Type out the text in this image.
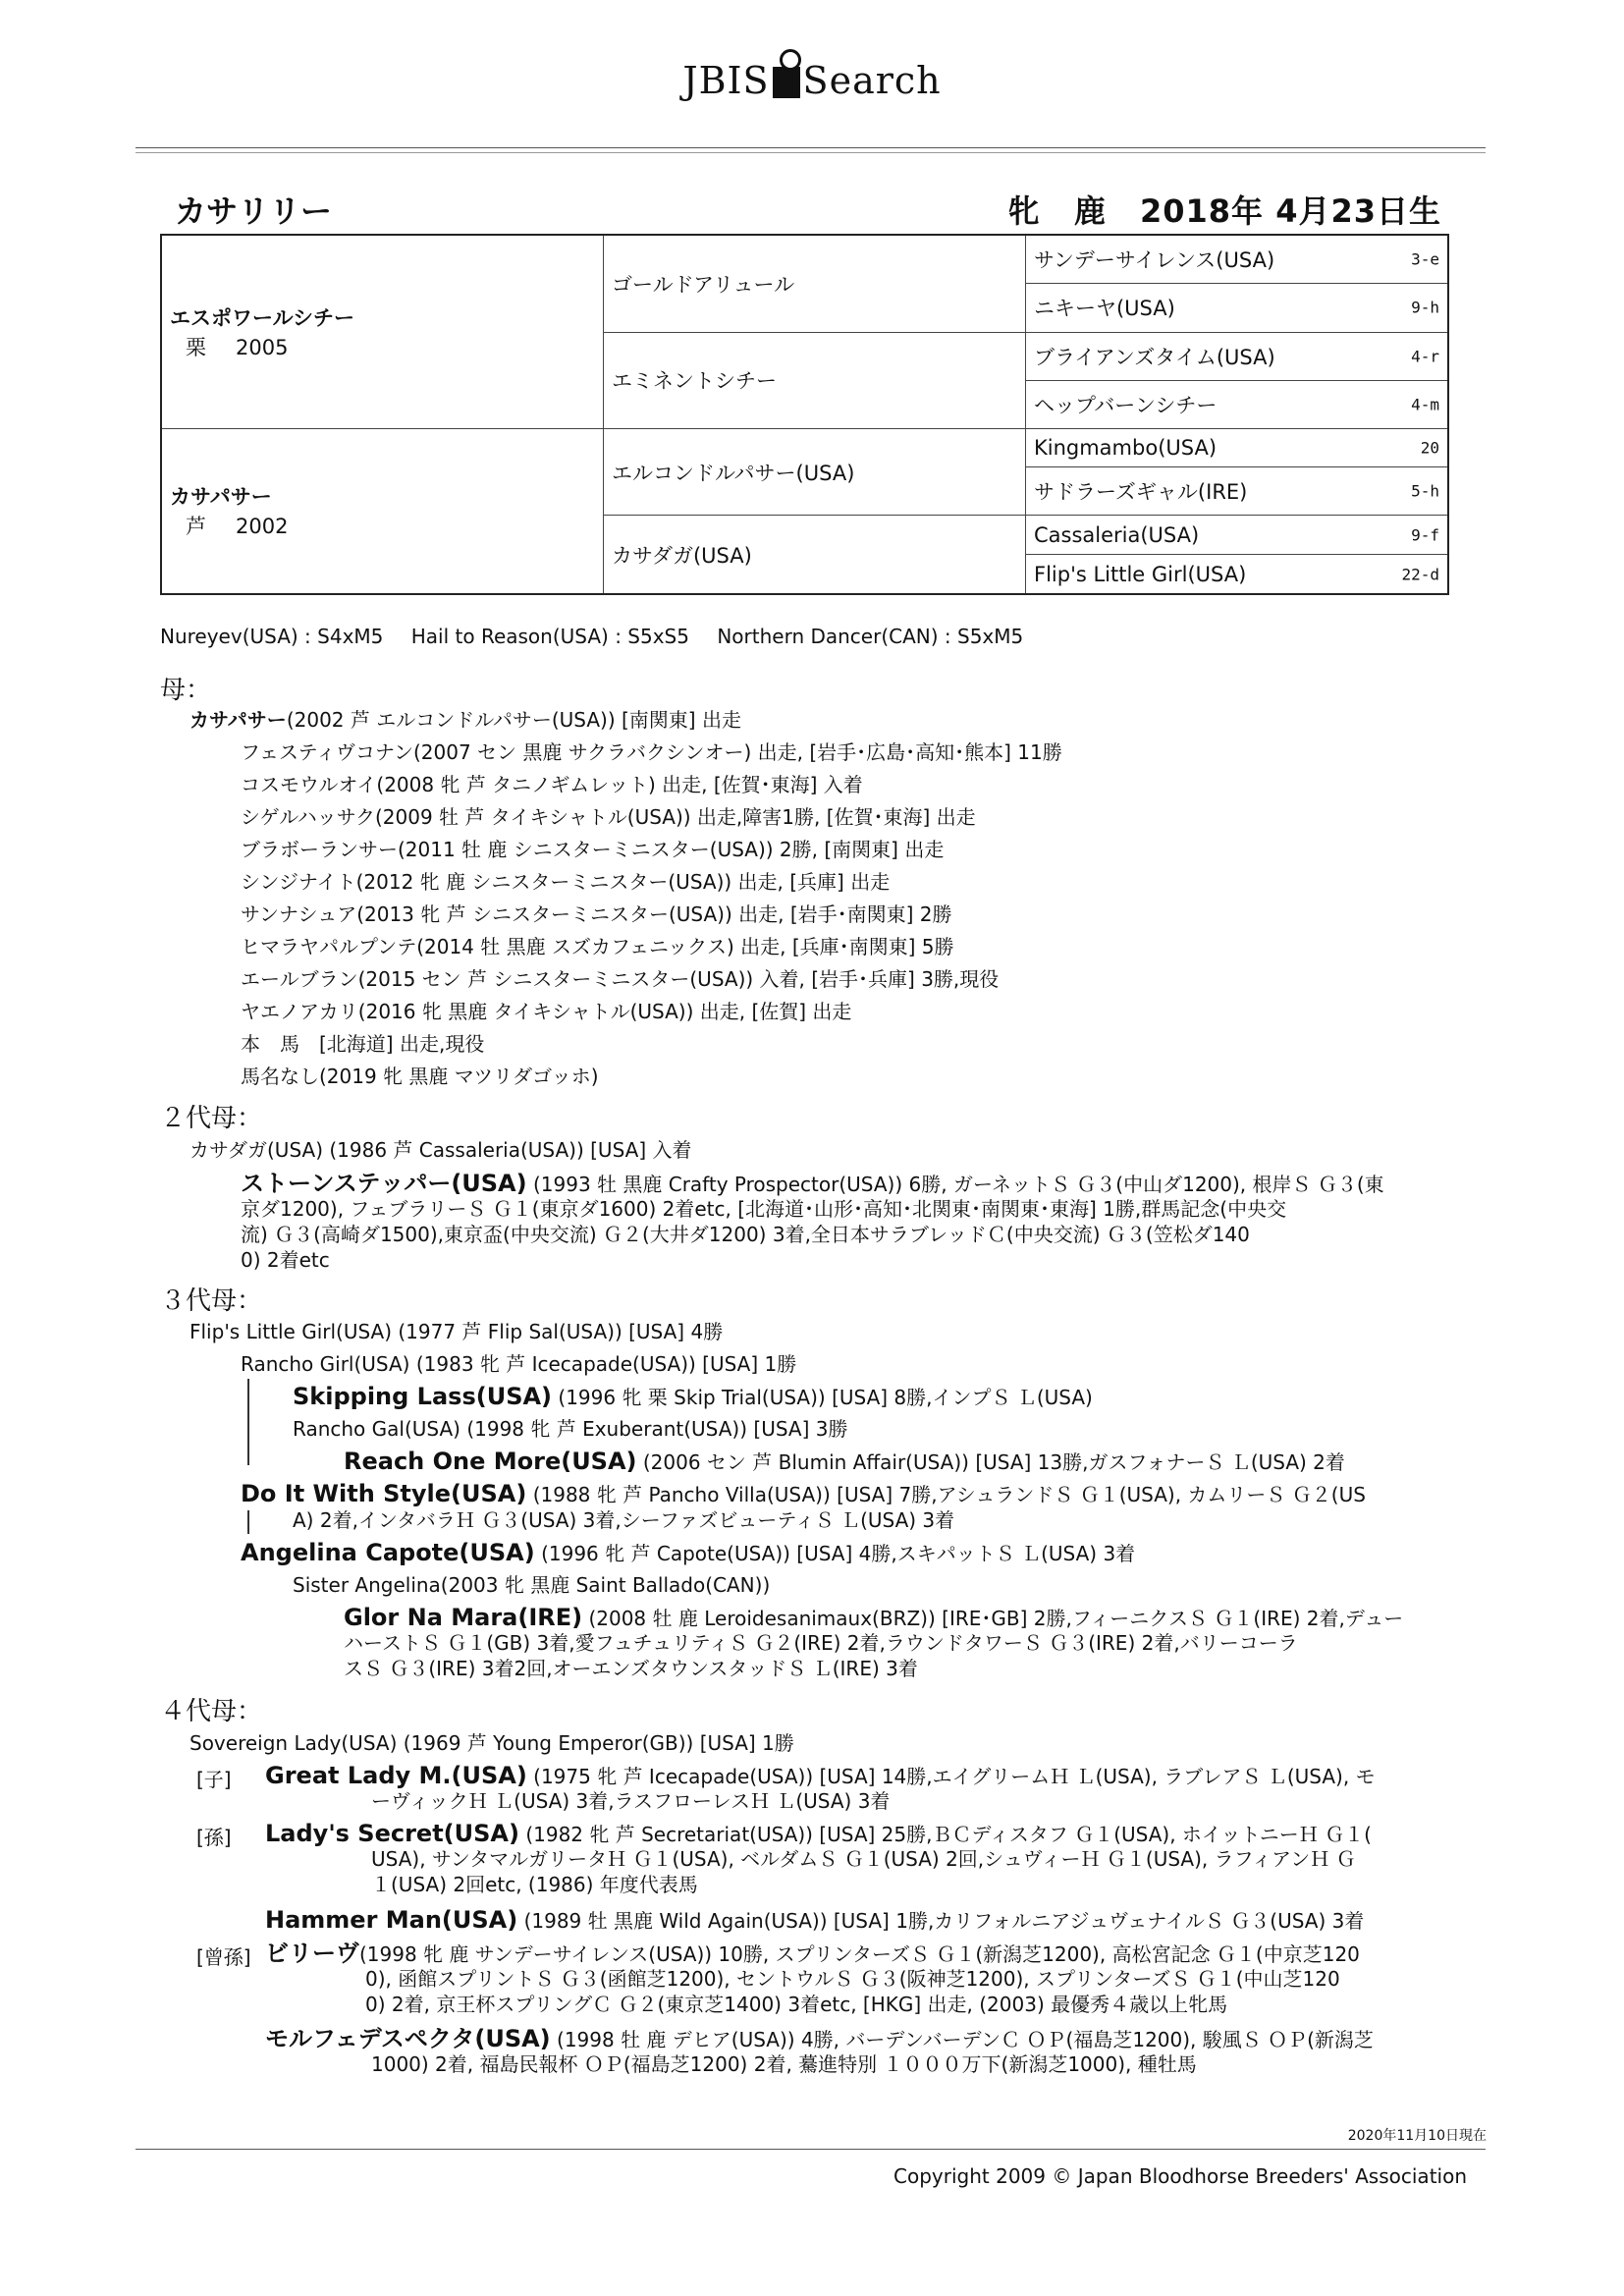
JBIS Search
カサリリー	牝 鹿 2018年 4月23日生
エスポワールシチー
栗 2005	ゴールドアリュール	サンデーサイレンス(USA) 3-e

		ニキーヤ(USA) 9-h

	エミネントシチー	ブライアンズタイム(USA) 4-r

		ヘップバーンシチー 4-m

カサパサー
芦 2002	エルコンドルパサー(USA)	Kingmambo(USA) 20

		サドラーズギャル(IRE) 5-h

	カサダガ(USA)	Cassaleria(USA) 9-f

		Flip's Little Girl(USA) 22-d
Nureyev(USA) : S4xM5 Hail to Reason(USA) : S5xS5 Northern Dancer(CAN) : S5xM5
母：
カサパサー(2002 芦 エルコンドルパサー(USA)) [南関東] 出走
フェスティヴコナン(2007 セン 黒鹿 サクラバクシンオー) 出走, [岩手･広島･高知･熊本] 11勝
コスモウルオイ(2008 牝 芦 タニノギムレット) 出走, [佐賀･東海] 入着
シゲルハッサク(2009 牡 芦 タイキシャトル(USA)) 出走,障害1勝, [佐賀･東海] 出走
ブラボーランサー(2011 牡 鹿 シニスターミニスター(USA)) 2勝, [南関東] 出走
シンジナイト(2012 牝 鹿 シニスターミニスター(USA)) 出走, [兵庫] 出走
サンナシュア(2013 牝 芦 シニスターミニスター(USA)) 出走, [岩手･南関東] 2勝
ヒマラヤパルプンテ(2014 牡 黒鹿 スズカフェニックス) 出走, [兵庫･南関東] 5勝
エールブラン(2015 セン 芦 シニスターミニスター(USA)) 入着, [岩手･兵庫] 3勝,現役
ヤエノアカリ(2016 牝 黒鹿 タイキシャトル(USA)) 出走, [佐賀] 出走
本　馬　[北海道] 出走,現役
馬名なし(2019 牝 黒鹿 マツリダゴッホ)
２代母：
カサダガ(USA) (1986 芦 Cassaleria(USA)) [USA] 入着
ストーンステッパー(USA) (1993 牡 黒鹿 Crafty Prospector(USA)) 6勝, ガーネットＳ Ｇ３(中山ダ1200), 根岸Ｓ Ｇ３(東
京ダ1200), フェブラリーＳ Ｇ１(東京ダ1600) 2着etc, [北海道･山形･高知･北関東･南関東･東海] 1勝,群馬記念(中央交
流) Ｇ３(高崎ダ1500),東京盃(中央交流) Ｇ２(大井ダ1200) 3着,全日本サラブレッドＣ(中央交流) Ｇ３(笠松ダ140
0) 2着etc
３代母：
Flip's Little Girl(USA) (1977 芦 Flip Sal(USA)) [USA] 4勝
Rancho Girl(USA) (1983 牝 芦 Icecapade(USA)) [USA] 1勝
Skipping Lass(USA) (1996 牝 栗 Skip Trial(USA)) [USA] 8勝,インプＳ Ｌ(USA)
Rancho Gal(USA) (1998 牝 芦 Exuberant(USA)) [USA] 3勝
Reach One More(USA) (2006 セン 芦 Blumin Affair(USA)) [USA] 13勝,ガスフォナーＳ Ｌ(USA) 2着
Do It With Style(USA) (1988 牝 芦 Pancho Villa(USA)) [USA] 7勝,アシュランドＳ Ｇ１(USA), カムリーＳ Ｇ２(US
A) 2着,インタバラＨ Ｇ３(USA) 3着,シーファズビューティＳ Ｌ(USA) 3着
Angelina Capote(USA) (1996 牝 芦 Capote(USA)) [USA] 4勝,スキパットＳ Ｌ(USA) 3着
Sister Angelina(2003 牝 黒鹿 Saint Ballado(CAN))
Glor Na Mara(IRE) (2008 牡 鹿 Leroidesanimaux(BRZ)) [IRE･GB] 2勝,フィーニクスＳ Ｇ１(IRE) 2着,デュー
ハーストＳ Ｇ１(GB) 3着,愛フュチュリティＳ Ｇ２(IRE) 2着,ラウンドタワーＳ Ｇ３(IRE) 2着,バリーコーラ
スＳ Ｇ３(IRE) 3着2回,オーエンズタウンスタッドＳ Ｌ(IRE) 3着
４代母：
Sovereign Lady(USA) (1969 芦 Young Emperor(GB)) [USA] 1勝
[子] Great Lady M.(USA) (1975 牝 芦 Icecapade(USA)) [USA] 14勝,エイグリームＨ Ｌ(USA), ラブレアＳ Ｌ(USA), モ
ーヴィックＨ Ｌ(USA) 3着,ラスフローレスＨ Ｌ(USA) 3着
[孫] Lady's Secret(USA) (1982 牝 芦 Secretariat(USA)) [USA] 25勝,ＢＣディスタフ Ｇ１(USA), ホイットニーＨ Ｇ１(
USA), サンタマルガリータＨ Ｇ１(USA), ベルダムＳ Ｇ１(USA) 2回,シュヴィーＨ Ｇ１(USA), ラフィアンＨ Ｇ
１(USA) 2回etc, (1986) 年度代表馬
Hammer Man(USA) (1989 牡 黒鹿 Wild Again(USA)) [USA] 1勝,カリフォルニアジュヴェナイルＳ Ｇ３(USA) 3着
[曾孫] ビリーヴ(1998 牝 鹿 サンデーサイレンス(USA)) 10勝, スプリンターズＳ Ｇ１(新潟芝1200), 高松宮記念 Ｇ１(中京芝120
0), 函館スプリントＳ Ｇ３(函館芝1200), セントウルＳ Ｇ３(阪神芝1200), スプリンターズＳ Ｇ１(中山芝120
0) 2着, 京王杯スプリングＣ Ｇ２(東京芝1400) 3着etc, [HKG] 出走, (2003) 最優秀４歳以上牝馬
モルフェデスペクタ(USA) (1998 牡 鹿 デヒア(USA)) 4勝, バーデンバーデンＣ ＯＰ(福島芝1200), 駿風Ｓ ＯＰ(新潟芝
1000) 2着, 福島民報杯 ＯＰ(福島芝1200) 2着, 驀進特別 １０００万下(新潟芝1000), 種牡馬
2020年11月10日現在
Copyright 2009 © Japan Bloodhorse Breeders' Association
